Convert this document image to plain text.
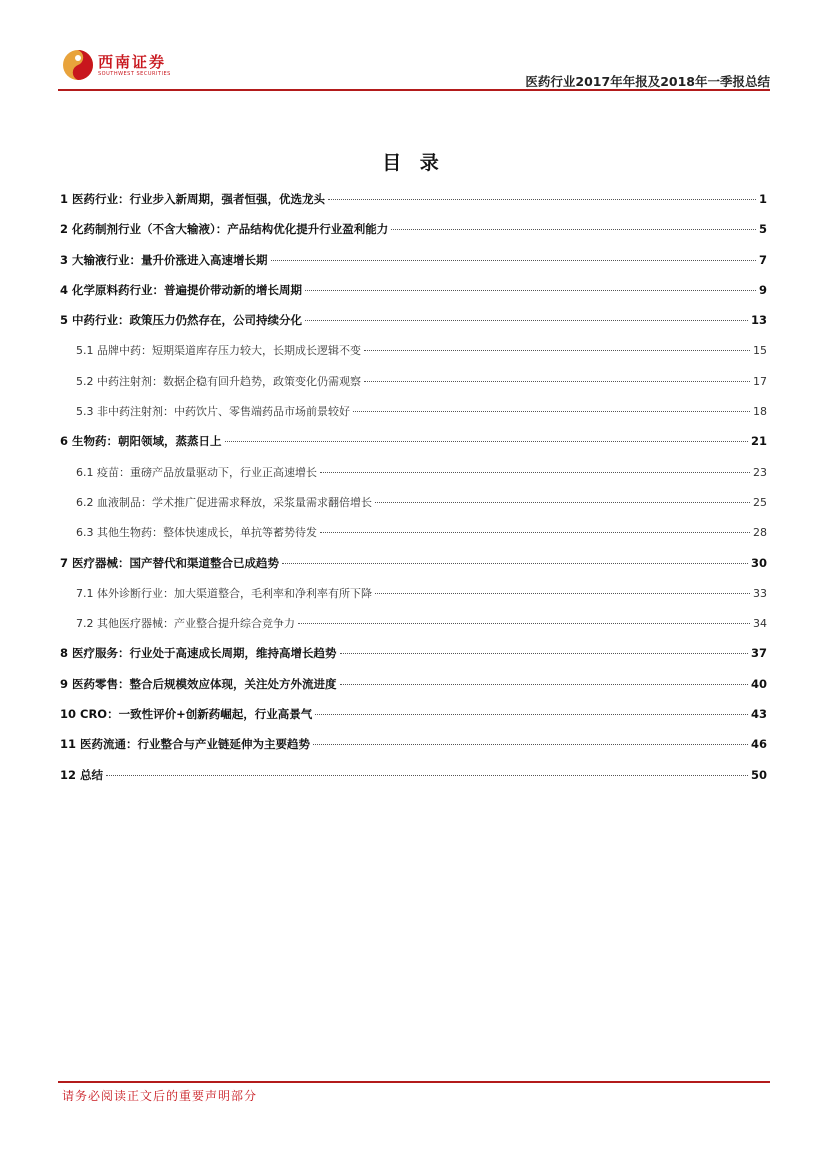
西南证券
SOUTHWEST SECURITIES	医药行业2017年年报及2018年一季报总结
目 录
1 医药行业：行业步入新周期，强者恒强，优选龙头	1
2 化药制剂行业（不含大输液）：产品结构优化提升行业盈利能力	5
3 大输液行业：量升价涨进入高速增长期	7
4 化学原料药行业：普遍提价带动新的增长周期	9
5 中药行业：政策压力仍然存在，公司持续分化	13
5.1 品牌中药：短期渠道库存压力较大，长期成长逻辑不变	15
5.2 中药注射剂：数据企稳有回升趋势，政策变化仍需观察	17
5.3 非中药注射剂：中药饮片、零售端药品市场前景较好	18
6 生物药：朝阳领域，蒸蒸日上	21
6.1 疫苗：重磅产品放量驱动下，行业正高速增长	23
6.2 血液制品：学术推广促进需求释放，采浆量需求翻倍增长	25
6.3 其他生物药：整体快速成长，单抗等蓄势待发	28
7 医疗器械：国产替代和渠道整合已成趋势	30
7.1 体外诊断行业：加大渠道整合，毛利率和净利率有所下降	33
7.2 其他医疗器械：产业整合提升综合竞争力	34
8 医疗服务：行业处于高速成长周期，维持高增长趋势	37
9 医药零售：整合后规模效应体现，关注处方外流进度	40
10 CRO：一致性评价+创新药崛起，行业高景气	43
11 医药流通：行业整合与产业链延伸为主要趋势	46
12 总结	50
请务必阅读正文后的重要声明部分
